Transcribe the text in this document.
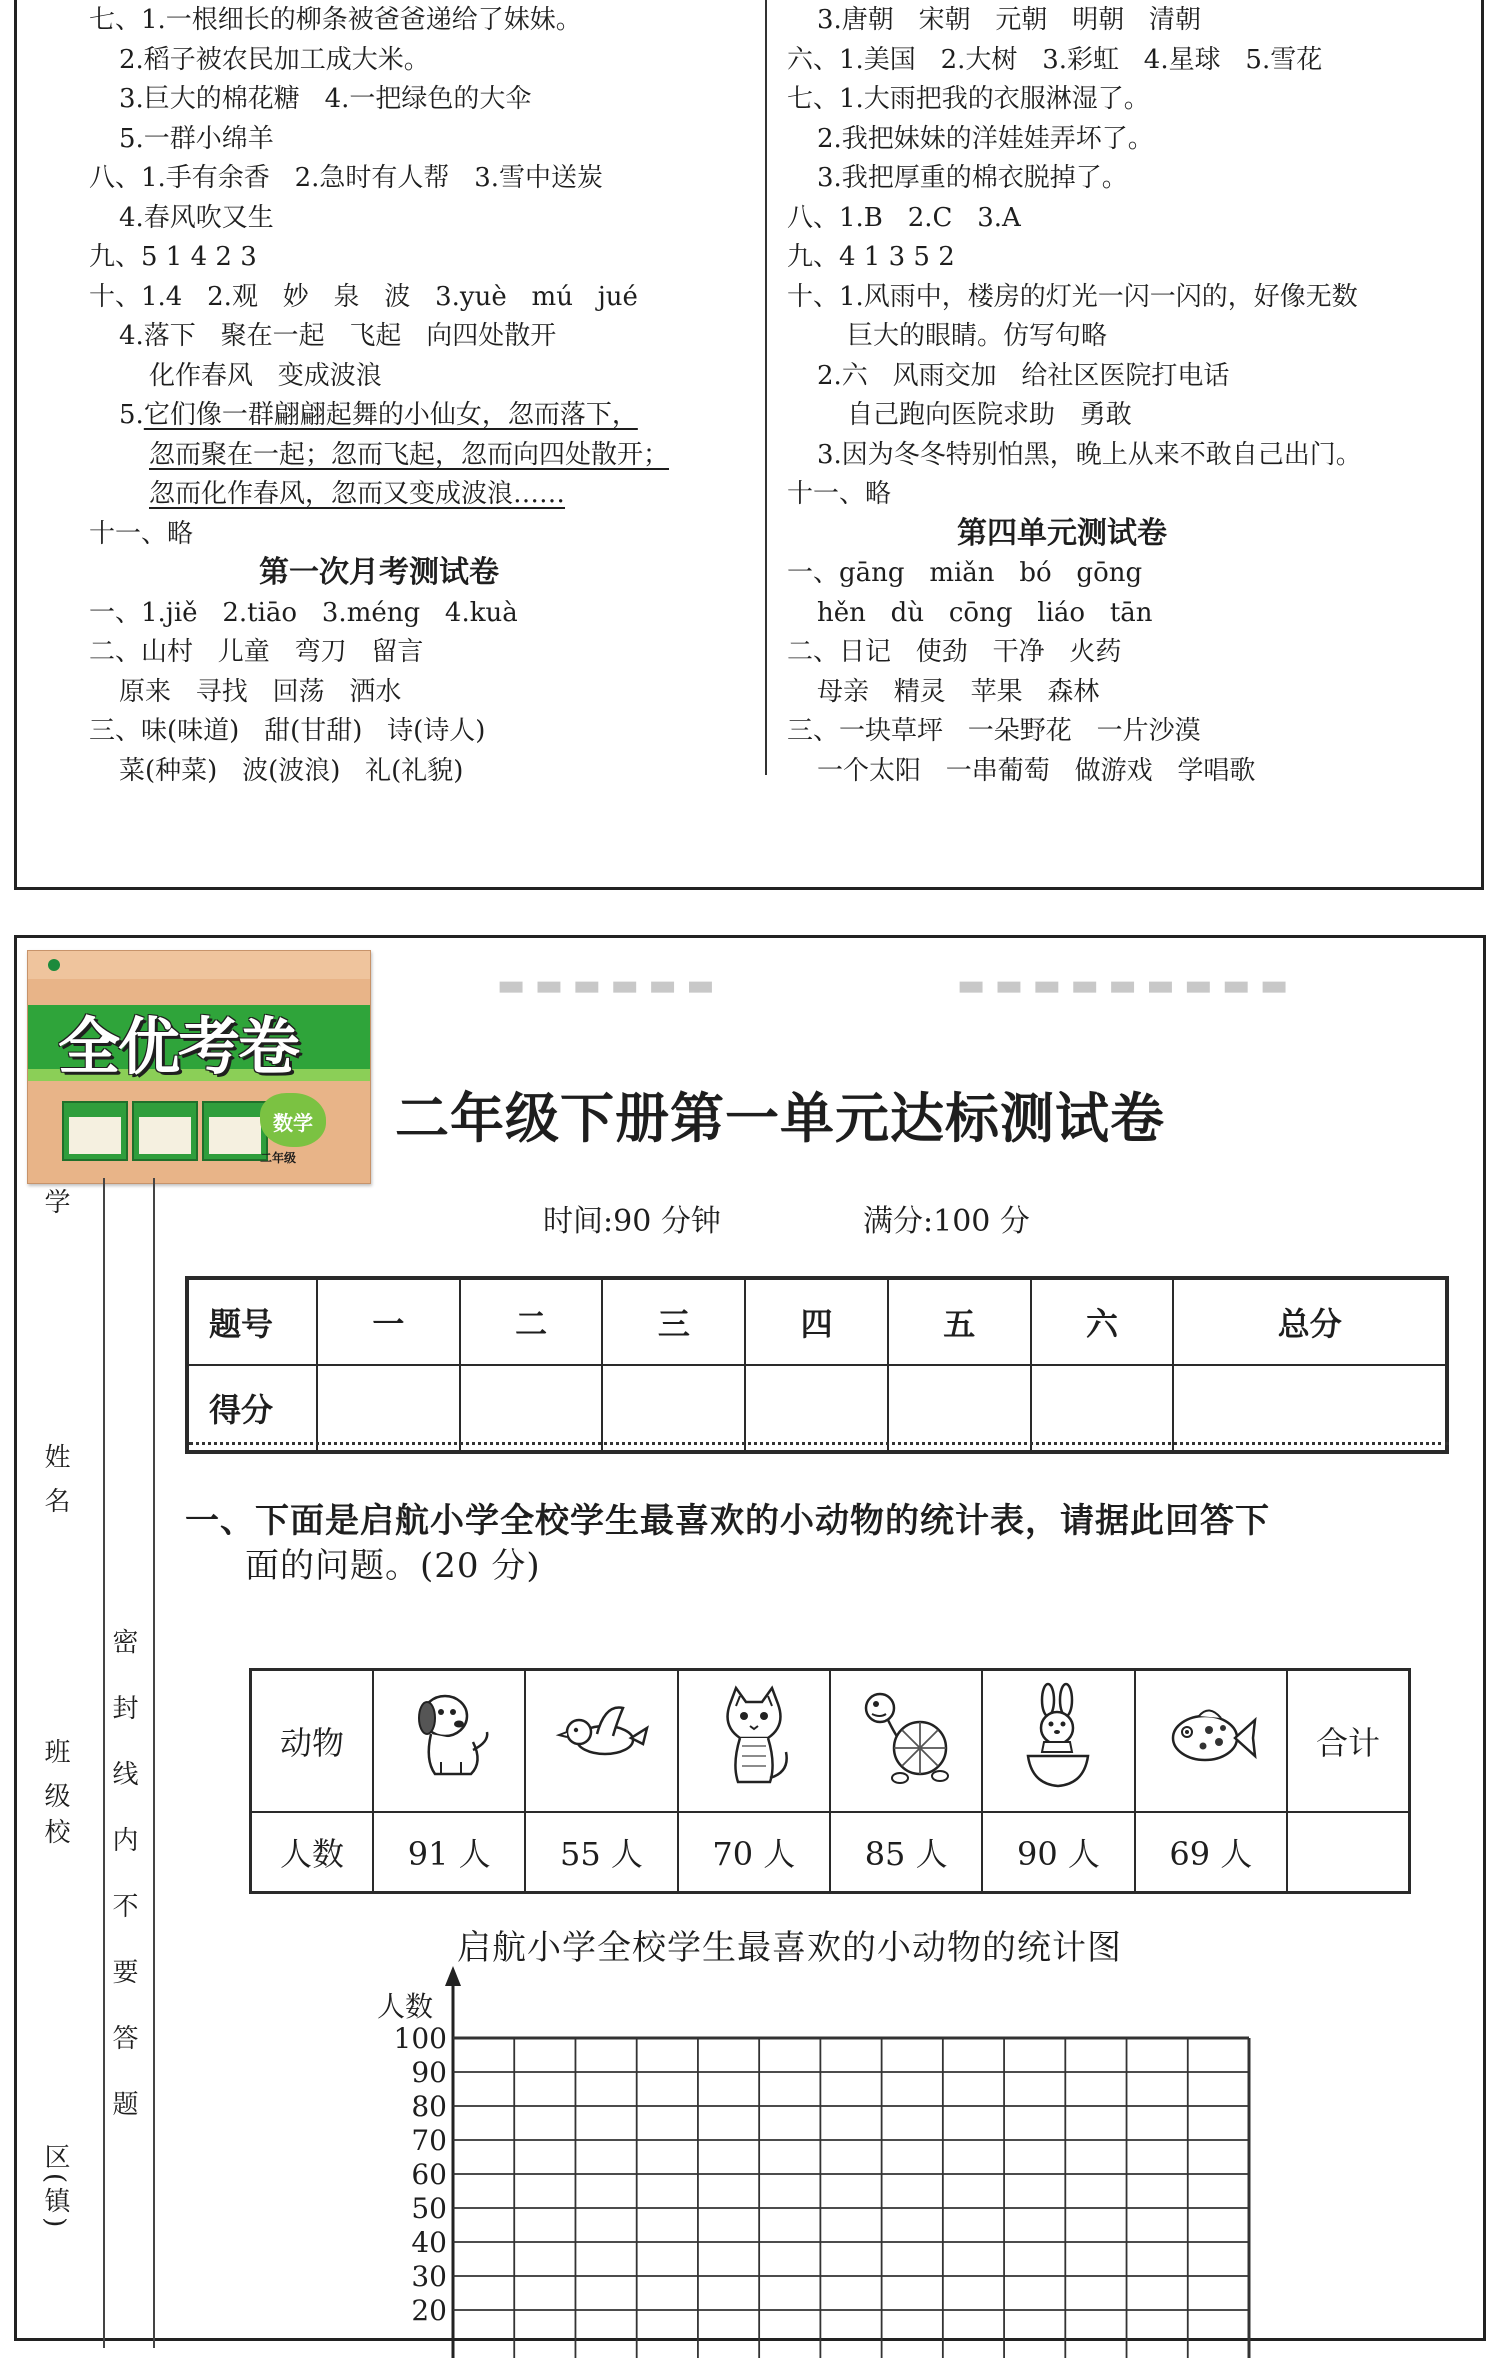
七、1.一根细长的柳条被爸爸递给了妹妹。
2.稻子被农民加工成大米。
3.巨大的棉花糖   4.一把绿色的大伞
5.一群小绵羊
八、1.手有余香   2.急时有人帮   3.雪中送炭
4.春风吹又生
九、5 1 4 2 3
十、1.4   2.观   妙   泉   波   3.yuè   mú   jué
4.落下   聚在一起   飞起   向四处散开
化作春风   变成波浪
5.它们像一群翩翩起舞的小仙女，忽而落下，
忽而聚在一起；忽而飞起，忽而向四处散开；
忽而化作春风，忽而又变成波浪……
十一、略
第一次月考测试卷
一、1.jiě   2.tiāo   3.méng   4.kuà
二、山村   儿童   弯刀   留言
原来   寻找   回荡   洒水
三、味(味道)   甜(甘甜)   诗(诗人)
菜(种菜)   波(波浪)   礼(礼貌)
3.唐朝   宋朝   元朝   明朝   清朝
六、1.美国   2.大树   3.彩虹   4.星球   5.雪花
七、1.大雨把我的衣服淋湿了。
2.我把妹妹的洋娃娃弄坏了。
3.我把厚重的棉衣脱掉了。
八、1.B   2.C   3.A
九、4 1 3 5 2
十、1.风雨中，楼房的灯光一闪一闪的，好像无数
巨大的眼睛。仿写句略
2.六   风雨交加   给社区医院打电话
自己跑向医院求助   勇敢
3.因为冬冬特别怕黑，晚上从来不敢自己出门。
十一、略
第四单元测试卷
一、gāng   miǎn   bó   gōng
hěn   dù   cōng   liáo   tān
二、日记   使劲   干净   火药
母亲   精灵   苹果   森林
三、一块草坪   一朵野花   一片沙漠
一个太阳   一串葡萄   做游戏   学唱歌
全优考卷
数学
二年级
▬ ▬ ▬ ▬ ▬ ▬	▬ ▬ ▬ ▬ ▬ ▬ ▬ ▬ ▬
学
姓名
校
班级
区(镇)
密封线内不要答题
二年级下册第一单元达标测试卷
时间:90 分钟	满分:100 分
题号	一	二	三	四	五	六	总分
得分							
一、下面是启航小学全校学生最喜欢的小动物的统计表，请据此回答下
面的问题。(20 分)
动物							合计
人数	91 人	55 人	70 人	85 人	90 人	69 人	
启航小学全校学生最喜欢的小动物的统计图
人数
100
90
80
70
60
50
40
30
20
